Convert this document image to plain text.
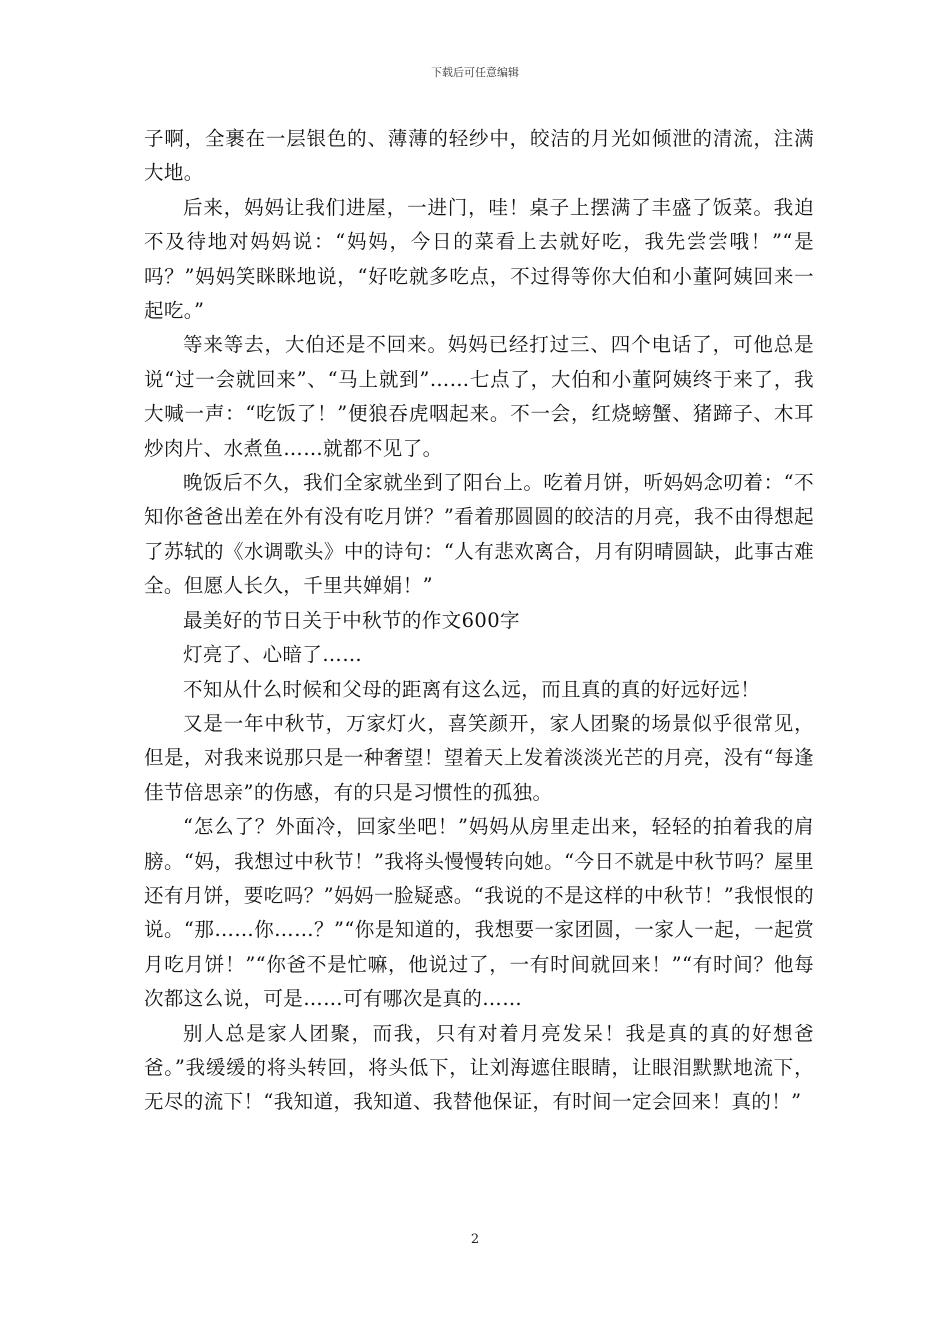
下载后可任意编辑

子啊，全裹在一层银色的、薄薄的轻纱中，皎洁的月光如倾泄的清流，注满大地。

后来，妈妈让我们进屋，一进门，哇！桌子上摆满了丰盛了饭菜。我迫不及待地对妈妈说：“妈妈，今日的菜看上去就好吃，我先尝尝哦！”“是吗？”妈妈笑眯眯地说，“好吃就多吃点，不过得等你大伯和小董阿姨回来一起吃。”

等来等去，大伯还是不回来。妈妈已经打过三、四个电话了，可他总是说“过一会就回来”、“马上就到”……七点了，大伯和小董阿姨终于来了，我大喊一声：“吃饭了！”便狼吞虎咽起来。不一会，红烧螃蟹、猪蹄子、木耳炒肉片、水煮鱼……就都不见了。

晚饭后不久，我们全家就坐到了阳台上。吃着月饼，听妈妈念叨着：“不知你爸爸出差在外有没有吃月饼？”看着那圆圆的皎洁的月亮，我不由得想起了苏轼的《水调歌头》中的诗句：“人有悲欢离合，月有阴晴圆缺，此事古难全。但愿人长久，千里共婵娟！”

最美好的节日关于中秋节的作文600字

灯亮了、心暗了……

不知从什么时候和父母的距离有这么远，而且真的真的好远好远！

又是一年中秋节，万家灯火，喜笑颜开，家人团聚的场景似乎很常见，但是，对我来说那只是一种奢望！望着天上发着淡淡光芒的月亮，没有“每逢佳节倍思亲”的伤感，有的只是习惯性的孤独。

“怎么了？外面冷，回家坐吧！”妈妈从房里走出来，轻轻的拍着我的肩膀。“妈，我想过中秋节！”我将头慢慢转向她。“今日不就是中秋节吗？屋里还有月饼，要吃吗？”妈妈一脸疑惑。“我说的不是这样的中秋节！”我恨恨的说。“那……你……？”“你是知道的，我想要一家团圆，一家人一起，一起赏月吃月饼！”“你爸不是忙嘛，他说过了，一有时间就回来！”“有时间？他每次都这么说，可是……可有哪次是真的……

别人总是家人团聚，而我，只有对着月亮发呆！我是真的真的好想爸爸。”我缓缓的将头转回，将头低下，让刘海遮住眼睛，让眼泪默默地流下，无尽的流下！“我知道，我知道、我替他保证，有时间一定会回来！真的！”

2
